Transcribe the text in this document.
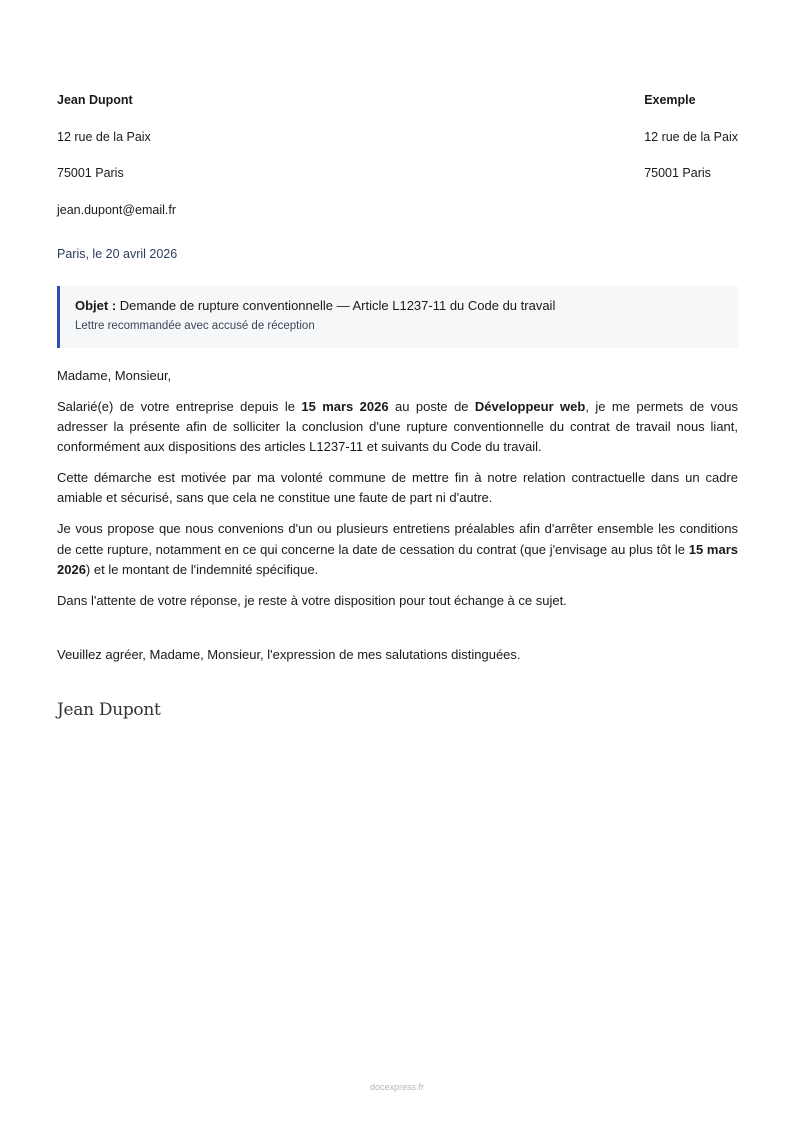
Jean Dupont
12 rue de la Paix
75001 Paris
jean.dupont@email.fr
Exemple
12 rue de la Paix
75001 Paris
Paris, le 20 avril 2026
Objet : Demande de rupture conventionnelle — Article L1237-11 du Code du travail
Lettre recommandée avec accusé de réception

Madame, Monsieur,

Salarié(e) de votre entreprise depuis le 15 mars 2026 au poste de Développeur web, je me permets de vous adresser la présente afin de solliciter la conclusion d'une rupture conventionnelle du contrat de travail nous liant, conformément aux dispositions des articles L1237-11 et suivants du Code du travail.

Cette démarche est motivée par ma volonté commune de mettre fin à notre relation contractuelle dans un cadre amiable et sécurisé, sans que cela ne constitue une faute de part ni d'autre.

Je vous propose que nous convenions d'un ou plusieurs entretiens préalables afin d'arrêter ensemble les conditions de cette rupture, notamment en ce qui concerne la date de cessation du contrat (que j'envisage au plus tôt le 15 mars 2026) et le montant de l'indemnité spécifique.

Dans l'attente de votre réponse, je reste à votre disposition pour tout échange à ce sujet.

Veuillez agréer, Madame, Monsieur, l'expression de mes salutations distinguées.
Jean Dupont
docexpress.fr
